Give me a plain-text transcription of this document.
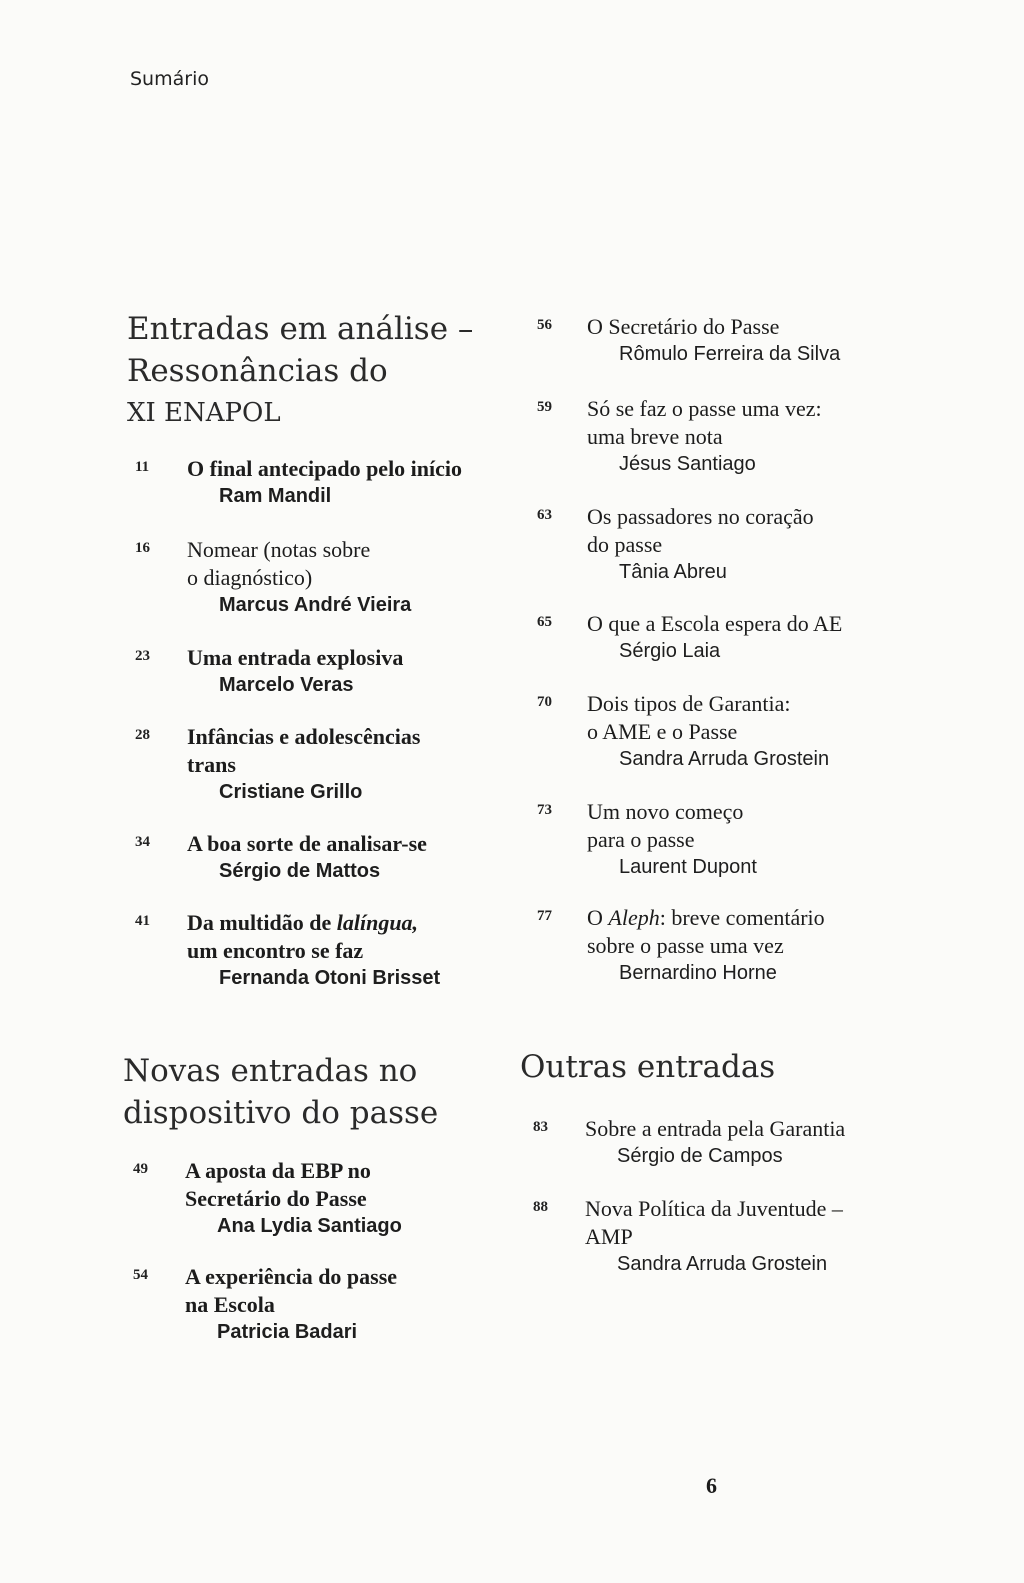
Sumário
Entradas em análise –
Ressonâncias do

XI ENAPOL
11	O final antecipado pelo início
Ram Mandil
16	Nomear (notas sobre
o diagnóstico)
Marcus André Vieira
23	Uma entrada explosiva
Marcelo Veras
28	Infâncias e adolescências
trans
Cristiane Grillo
34	A boa sorte de analisar-se
Sérgio de Mattos
41	Da multidão de lalíngua,
um encontro se faz
Fernanda Otoni Brisset
56	O Secretário do Passe
Rômulo Ferreira da Silva
59	Só se faz o passe uma vez:
uma breve nota
Jésus Santiago
63	Os passadores no coração
do passe
Tânia Abreu
65	O que a Escola espera do AE
Sérgio Laia
70	Dois tipos de Garantia:
o AME e o Passe
Sandra Arruda Grostein
73	Um novo começo
para o passe
Laurent Dupont
77	O Aleph: breve comentário
sobre o passe uma vez
Bernardino Horne
Novas entradas no
dispositivo do passe
49	A aposta da EBP no
Secretário do Passe
Ana Lydia Santiago
54	A experiência do passe
na Escola
Patricia Badari
Outras entradas
83	Sobre a entrada pela Garantia
Sérgio de Campos
88	Nova Política da Juventude –
AMP
Sandra Arruda Grostein
6
